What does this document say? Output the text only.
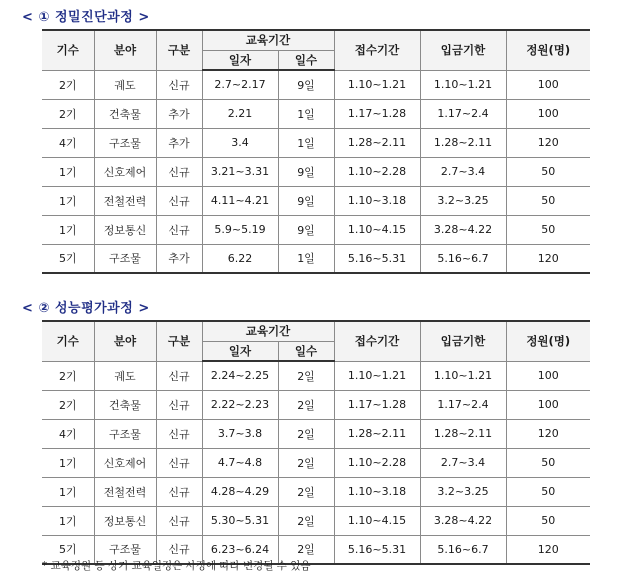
< ① 정밀진단과정 >
기수	분야	구분	교육기간		접수기간	입금기한	정원(명)
			일자	일수			
2기	궤도	신규	2.7~2.17	9일	1.10~1.21	1.10~1.21	100
2기	건축물	추가	2.21	1일	1.17~1.28	1.17~2.4	100
4기	구조물	추가	3.4	1일	1.28~2.11	1.28~2.11	120
1기	신호제어	신규	3.21~3.31	9일	1.10~2.28	2.7~3.4	50
1기	전철전력	신규	4.11~4.21	9일	1.10~3.18	3.2~3.25	50
1기	정보통신	신규	5.9~5.19	9일	1.10~4.15	3.28~4.22	50
5기	구조물	추가	6.22	1일	5.16~5.31	5.16~6.7	120
< ② 성능평가과정 >
기수	분야	구분	교육기간		접수기간	입금기한	정원(명)
			일자	일수			
2기	궤도	신규	2.24~2.25	2일	1.10~1.21	1.10~1.21	100
2기	건축물	신규	2.22~2.23	2일	1.17~1.28	1.17~2.4	100
4기	구조물	신규	3.7~3.8	2일	1.28~2.11	1.28~2.11	120
1기	신호제어	신규	4.7~4.8	2일	1.10~2.28	2.7~3.4	50
1기	전철전력	신규	4.28~4.29	2일	1.10~3.18	3.2~3.25	50
1기	정보통신	신규	5.30~5.31	2일	1.10~4.15	3.28~4.22	50
5기	구조물	신규	6.23~6.24	2일	5.16~5.31	5.16~6.7	120
* 교육정원 등 상기 교육일정은 사정에 따라 변경될 수 있음
